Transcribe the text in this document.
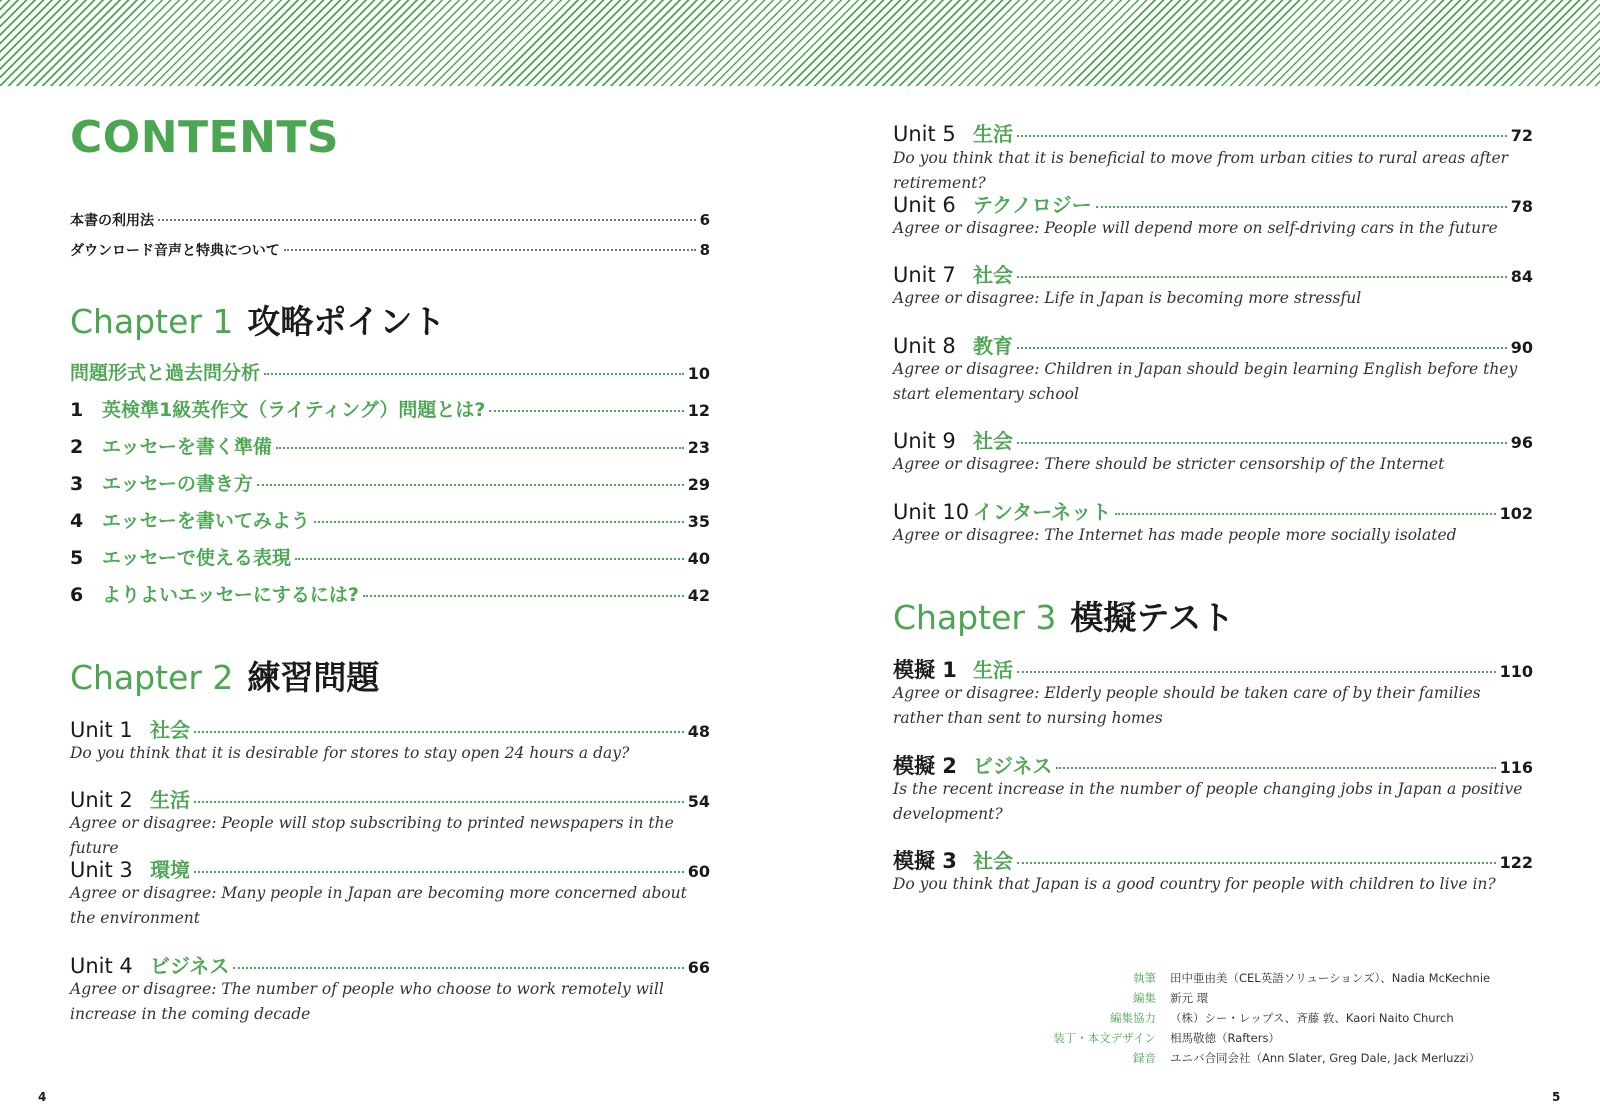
CONTENTS
本書の利用法	6
ダウンロード音声と特典について	8
Chapter 1 攻略ポイント
問題形式と過去問分析	10
1 英検準1級英作文（ライティング）問題とは?	12
2 エッセーを書く準備	23
3 エッセーの書き方	29
4 エッセーを書いてみよう	35
5 エッセーで使える表現	40
6 よりよいエッセーにするには?	42
Chapter 2 練習問題
Unit 1 社会	48
Do you think that it is desirable for stores to stay open 24 hours a day?
Unit 2 生活	54
Agree or disagree: People will stop subscribing to printed newspapers in the future
Unit 3 環境	60
Agree or disagree: Many people in Japan are becoming more concerned about the environment
Unit 4 ビジネス	66
Agree or disagree: The number of people who choose to work remotely will increase in the coming decade
Unit 5 生活	72
Do you think that it is beneficial to move from urban cities to rural areas after retirement?
Unit 6 テクノロジー	78
Agree or disagree: People will depend more on self-driving cars in the future
Unit 7 社会	84
Agree or disagree: Life in Japan is becoming more stressful
Unit 8 教育	90
Agree or disagree: Children in Japan should begin learning English before they start elementary school
Unit 9 社会	96
Agree or disagree: There should be stricter censorship of the Internet
Unit 10 インターネット	102
Agree or disagree: The Internet has made people more socially isolated
Chapter 3 模擬テスト
模擬 1 生活	110
Agree or disagree: Elderly people should be taken care of by their families rather than sent to nursing homes
模擬 2 ビジネス	116
Is the recent increase in the number of people changing jobs in Japan a positive development?
模擬 3 社会	122
Do you think that Japan is a good country for people with children to live in?
執筆	田中亜由美（CEL英語ソリューションズ）、Nadia McKechnie
編集	新元 環
編集協力	（株）シー・レップス、斉藤 敦、Kaori Naito Church
装丁・本文デザイン	相馬敬徳（Rafters）
録音	ユニバ合同会社（Ann Slater, Greg Dale, Jack Merluzzi）
4	5
